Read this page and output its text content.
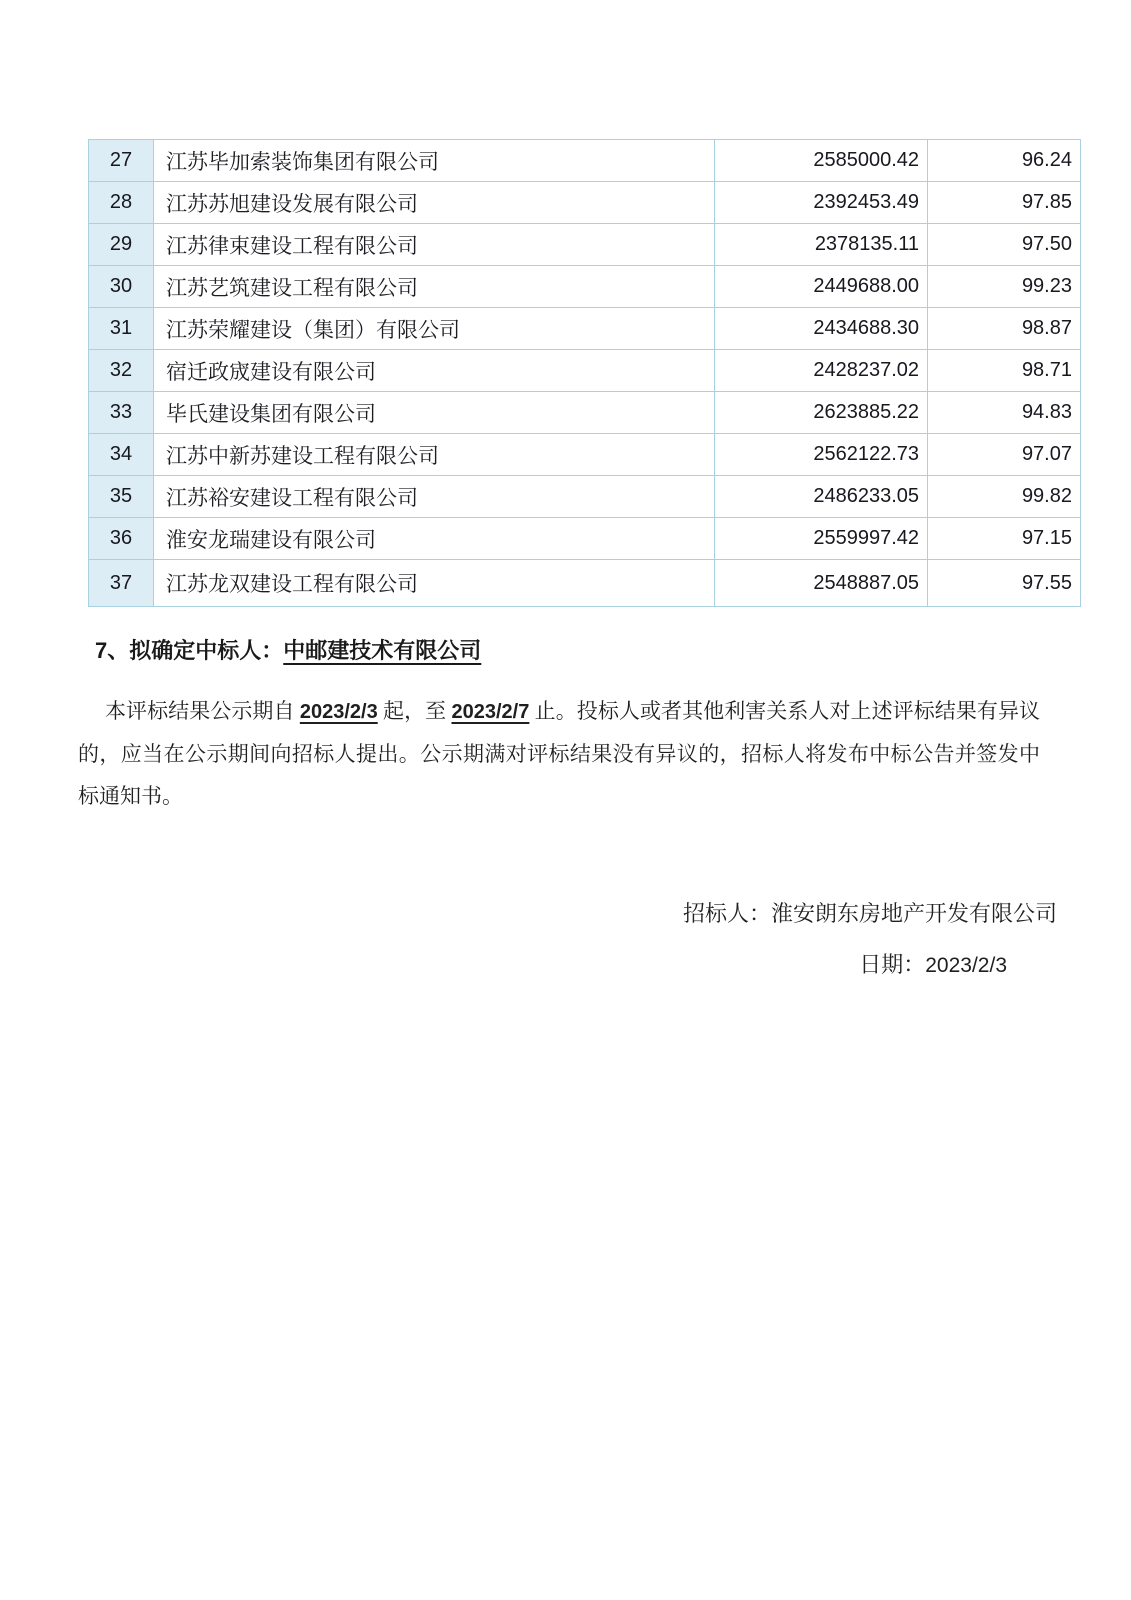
27	江苏毕加索装饰集团有限公司	2585000.42	96.24
28	江苏苏旭建设发展有限公司	2392453.49	97.85
29	江苏律束建设工程有限公司	2378135.11	97.50
30	江苏艺筑建设工程有限公司	2449688.00	99.23
31	江苏荣耀建设（集团）有限公司	2434688.30	98.87
32	宿迁政宬建设有限公司	2428237.02	98.71
33	毕氏建设集团有限公司	2623885.22	94.83
34	江苏中新苏建设工程有限公司	2562122.73	97.07
35	江苏裕安建设工程有限公司	2486233.05	99.82
36	淮安龙瑞建设有限公司	2559997.42	97.15
37	江苏龙双建设工程有限公司	2548887.05	97.55
7、拟确定中标人：中邮建技术有限公司
本评标结果公示期自 2023/2/3 起，至 2023/2/7 止。投标人或者其他利害关系人对上述评标结果有异议的，应当在公示期间向招标人提出。公示期满对评标结果没有异议的，招标人将发布中标公告并签发中标通知书。
招标人：淮安朗东房地产开发有限公司
日期：2023/2/3
